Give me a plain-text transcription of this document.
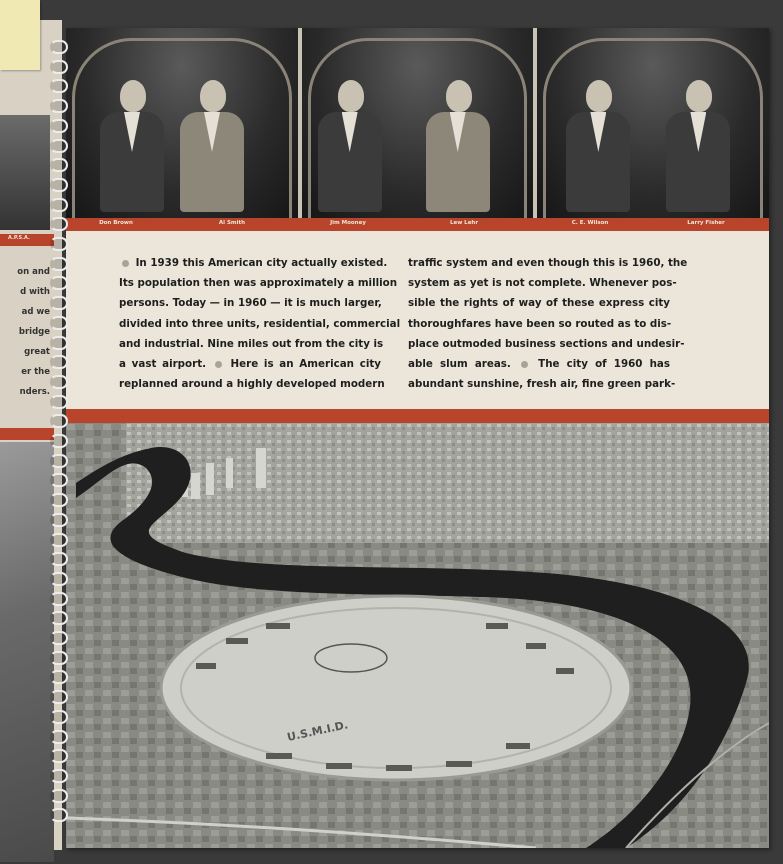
A.P.S.A.
on and
d with
ad we
bridge
great
er the
nders.
Don Brown	Al Smith	Jim Mooney	Lew Lehr	C. E. Wilson	Larry Fisher
In 1939 this American city actually existed.
Its population then was approximately a million
persons. Today — in 1960 — it is much larger,
divided into three units, residential, commercial
and industrial. Nine miles out from the city is
a vast airport. Here is an American city
replanned around a highly developed modern
traffic system and even though this is 1960, the
system as yet is not complete. Whenever pos-
sible the rights of way of these express city
thoroughfares have been so routed as to dis-
place outmoded business sections and undesir-
able slum areas.	The city of 1960 has
abundant sunshine, fresh air, fine green park-
U.S.M.I.D.
